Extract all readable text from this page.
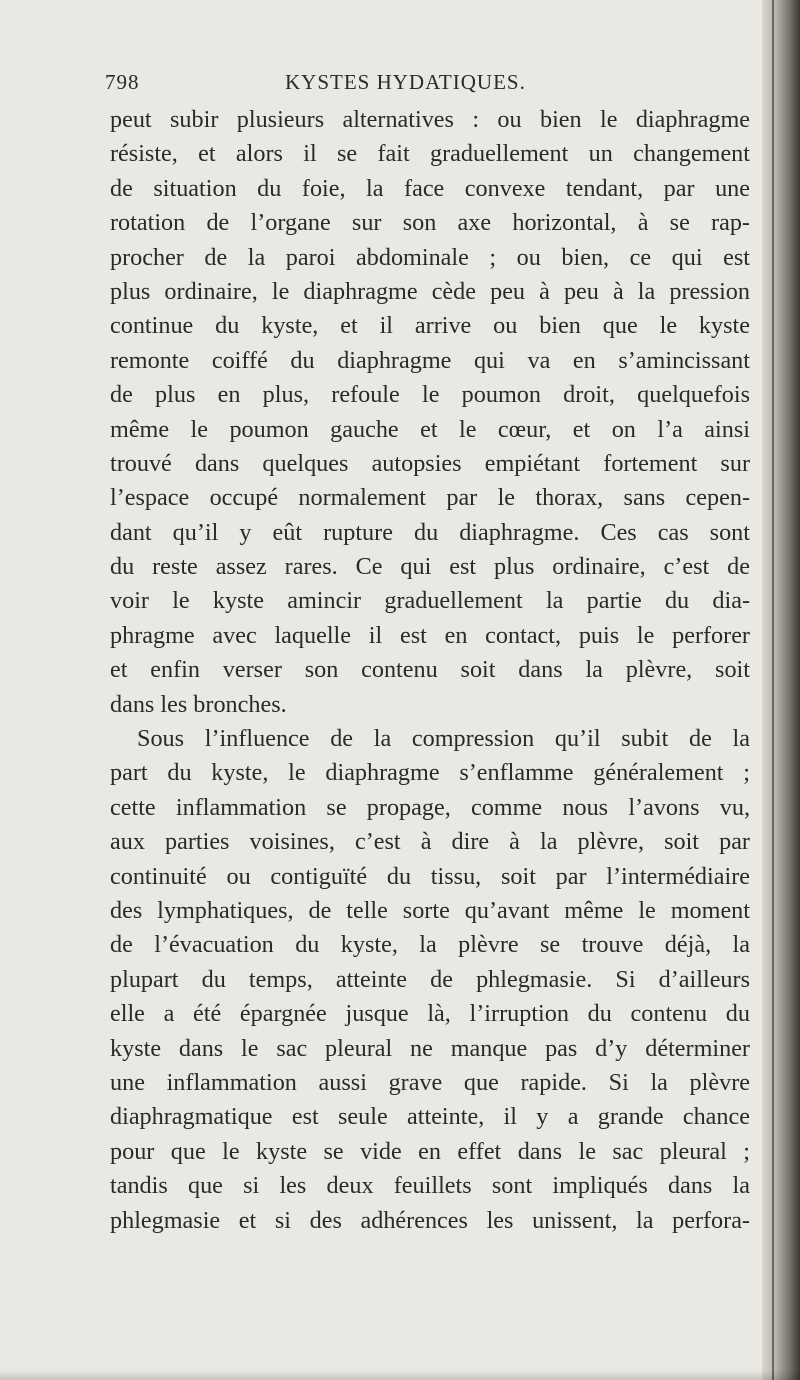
798	KYSTES HYDATIQUES.
peut subir plusieurs alternatives : ou bien le diaphragme
résiste, et alors il se fait graduellement un changement
de situation du foie, la face convexe tendant, par une
rotation de l’organe sur son axe horizontal, à se rap-
procher de la paroi abdominale ; ou bien, ce qui est
plus ordinaire, le diaphragme cède peu à peu à la pression
continue du kyste, et il arrive ou bien que le kyste
remonte coiffé du diaphragme qui va en s’amincissant
de plus en plus, refoule le poumon droit, quelquefois
même le poumon gauche et le cœur, et on l’a ainsi
trouvé dans quelques autopsies empiétant fortement sur
l’espace occupé normalement par le thorax, sans cepen-
dant qu’il y eût rupture du diaphragme. Ces cas sont
du reste assez rares. Ce qui est plus ordinaire, c’est de
voir le kyste amincir graduellement la partie du dia-
phragme avec laquelle il est en contact, puis le perforer
et enfin verser son contenu soit dans la plèvre, soit
dans les bronches.
Sous l’influence de la compression qu’il subit de la
part du kyste, le diaphragme s’enflamme généralement ;
cette inflammation se propage, comme nous l’avons vu,
aux parties voisines, c’est à dire à la plèvre, soit par
continuité ou contiguïté du tissu, soit par l’intermédiaire
des lymphatiques, de telle sorte qu’avant même le moment
de l’évacuation du kyste, la plèvre se trouve déjà, la
plupart du temps, atteinte de phlegmasie. Si d’ailleurs
elle a été épargnée jusque là, l’irruption du contenu du
kyste dans le sac pleural ne manque pas d’y déterminer
une inflammation aussi grave que rapide. Si la plèvre
diaphragmatique est seule atteinte, il y a grande chance
pour que le kyste se vide en effet dans le sac pleural ;
tandis que si les deux feuillets sont impliqués dans la
phlegmasie et si des adhérences les unissent, la perfora-
